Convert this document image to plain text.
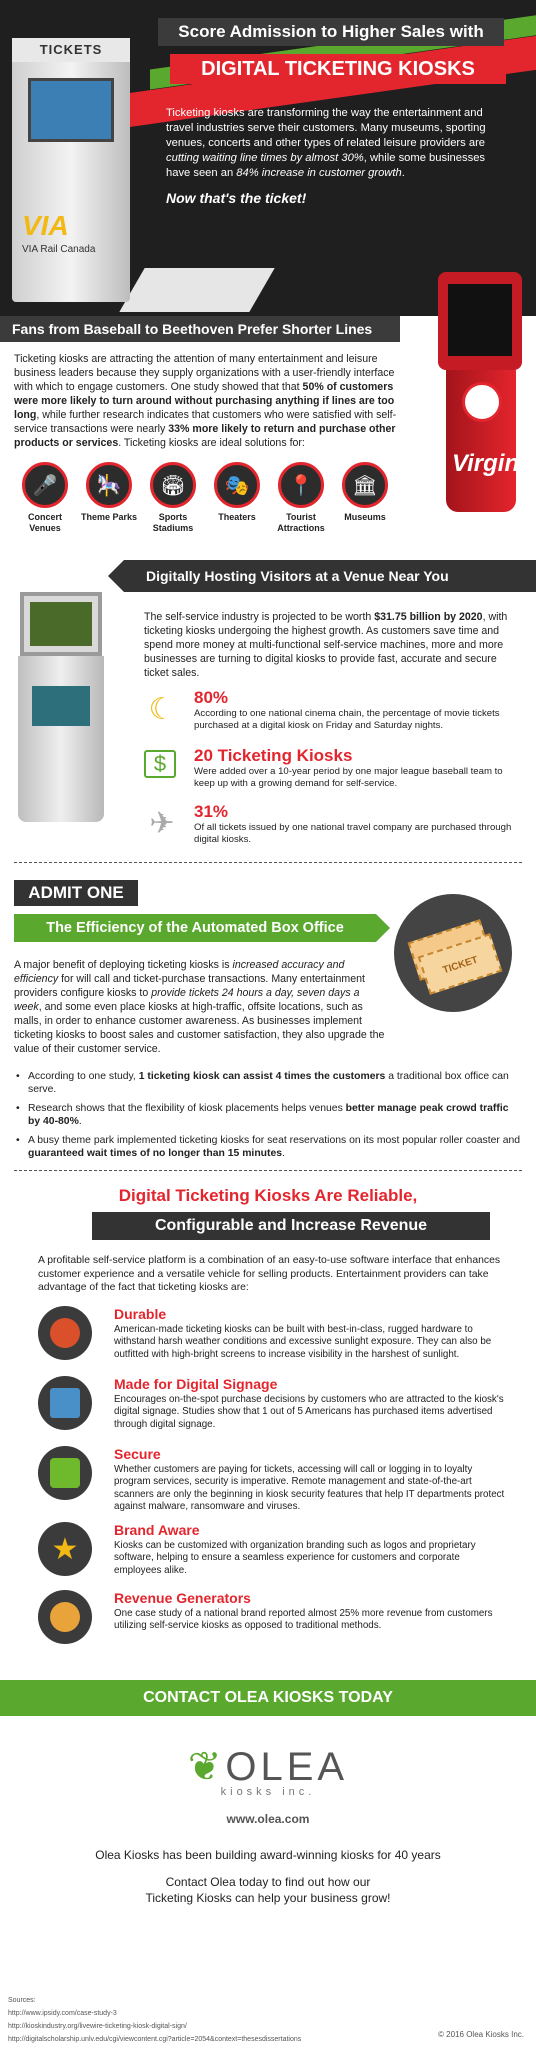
Score Admission to Higher Sales with
DIGITAL TICKETING KIOSKS
TICKETS
VIA
VIA Rail Canada

Ticketing kiosks are transforming the way the entertainment and travel industries serve their customers. Many museums, sporting venues, concerts and other types of related leisure providers are cutting waiting line times by almost 30%, while some businesses have seen an 84% increase in customer growth.

Now that's the ticket!
Virgin
Fans from Baseball to Beethoven Prefer Shorter Lines

Ticketing kiosks are attracting the attention of many entertainment and leisure business leaders because they supply organizations with a user-friendly interface with which to engage customers. One study showed that that 50% of customers were more likely to turn around without purchasing anything if lines are too long, while further research indicates that customers who were satisfied with self-service transactions were nearly 33% more likely to return and purchase other products or services. Ticketing kiosks are ideal solutions for:

🎤
Concert Venues
🎠
Theme Parks
🏟
Sports Stadiums
🎭
Theaters
📍
Tourist Attractions
🏛
Museums
Digitally Hosting Visitors at a Venue Near You

The self-service industry is projected to be worth $31.75 billion by 2020, with ticketing kiosks undergoing the highest growth. As customers save time and spend more money at multi-functional self-service machines, more and more businesses are turning to digital kiosks to provide fast, accurate and secure ticket sales.

☾ 80%
According to one national cinema chain, the percentage of movie tickets purchased at a digital kiosk on Friday and Saturday nights.
$	20 Ticketing Kiosks
Were added over a 10-year period by one major league baseball team to keep up with a growing demand for self-service.
✈	31%
Of all tickets issued by one national travel company are purchased through digital kiosks.
ADMIT ONE
The Efficiency of the Automated Box Office
TICKET

A major benefit of deploying ticketing kiosks is increased accuracy and efficiency for will call and ticket-purchase transactions. Many entertainment providers configure kiosks to provide tickets 24 hours a day, seven days a week, and some even place kiosks at high-traffic, offsite locations, such as malls, in order to enhance customer awareness. As businesses implement ticketing kiosks to boost sales and customer satisfaction, they also upgrade the value of their customer service.

• According to one study, 1 ticketing kiosk can assist 4 times the customers a traditional box office can serve.

• Research shows that the flexibility of kiosk placements helps venues better manage peak crowd traffic by 40-80%.

• A busy theme park implemented ticketing kiosks for seat reservations on its most popular roller coaster and guaranteed wait times of no longer than 15 minutes.

Digital Ticketing Kiosks Are Reliable,
Configurable and Increase Revenue

A profitable self-service platform is a combination of an easy-to-use software interface that enhances customer experience and a versatile vehicle for selling products. Entertainment providers can take advantage of the fact that ticketing kiosks are:

Durable
American-made ticketing kiosks can be built with best-in-class, rugged hardware to withstand harsh weather conditions and excessive sunlight exposure. They can also be outfitted with high-bright screens to increase visibility in the harshest of sunlight.
Made for Digital Signage
Encourages on-the-spot purchase decisions by customers who are attracted to the kiosk's digital signage. Studies show that 1 out of 5 Americans has purchased items advertised through digital signage.
Secure
Whether customers are paying for tickets, accessing will call or logging in to loyalty program services, security is imperative. Remote management and state-of-the-art scanners are only the beginning in kiosk security features that help IT departments protect against malware, ransomware and viruses.
★
Brand Aware
Kiosks can be customized with organization branding such as logos and proprietary software, helping to ensure a seamless experience for customers and corporate employees alike.
Revenue Generators
One case study of a national brand reported almost 25% more revenue from customers utilizing self-service kiosks as opposed to traditional methods.
CONTACT OLEA KIOSKS TODAY
❦OLEA
kiosks inc.
www.olea.com
Olea Kiosks has been building award-winning kiosks for 40 years
Contact Olea today to find out how our
Ticketing Kiosks can help your business grow!
Sources:
http://www.ipsidy.com/case-study-3
http://kioskindustry.org/livewire-ticketing-kiosk-digital-sign/
http://digitalscholarship.unlv.edu/cgi/viewcontent.cgi?article=2054&context=thesesdissertations
© 2016 Olea Kiosks Inc.
